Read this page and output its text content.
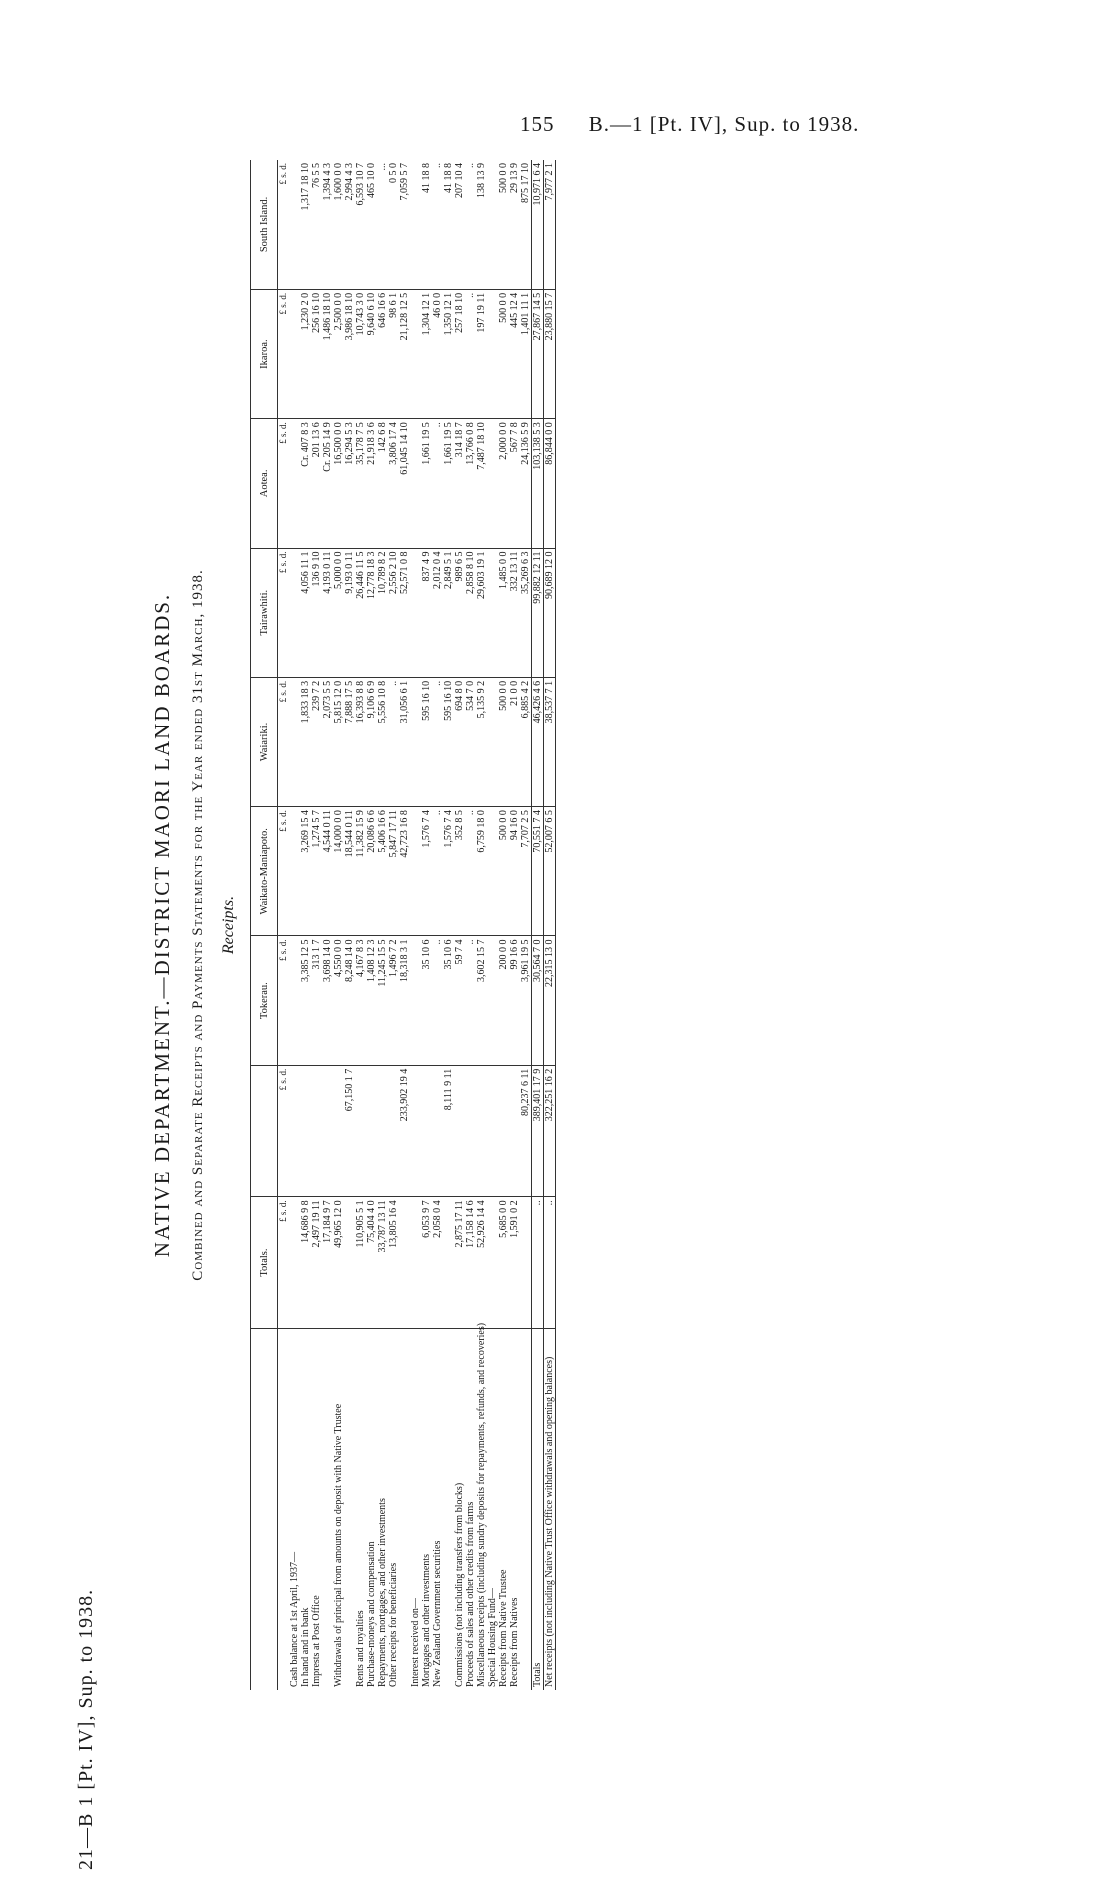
155 B.—1 [Pt. IV], Sup. to 1938.
21—B 1 [Pt. IV], Sup. to 1938.
NATIVE DEPARTMENT.—DISTRICT MAORI LAND BOARDS. Combined and Separate Receipts and Payments Statements for the Year ended 31st March, 1938. Receipts.
	Totals.		Tokerau.	Waikato-Maniapoto.	Waiariki.	Tairawhiti.	Aotea.	Ikaroa.	South Island.
	£ s. d.	£ s. d.	£ s. d.	£ s. d.	£ s. d.	£ s. d.	£ s. d.	£ s. d.	£ s. d.
Cash balance at 1st April, 1937—									
In hand and in bank	14,686 9 8		3,385 12 5	3,269 15 4	1,833 18 3	4,056 11 1	Cr. 407 8 3	1,230 2 0	1,317 18 10
Imprests at Post Office	2,497 19 11		313 1 7	1,274 5 7	239 7 2	136 9 10	201 13 6	256 16 10	76 5 5
	17,184 9 7		3,698 14 0	4,544 0 11	2,073 5 5	4,193 0 11	Cr. 205 14 9	1,486 18 10	1,394 4 3
Withdrawals of principal from amounts on deposit with Native Trustee	49,965 12 0		4,550 0 0	14,000 0 0	5,815 12 0	5,000 0 0	16,500 0 0	2,500 0 0	1,600 0 0
		67,150 1 7	8,248 14 0	18,544 0 11	7,888 17 5	9,193 0 11	16,294 5 3	3,986 18 10	2,994 4 3
Rents and royalties	110,905 5 1		4,167 8 3	11,382 15 9	16,393 8 8	26,446 11 5	35,178 7 5	10,743 3 0	6,593 10 7
Purchase-moneys and compensation	75,404 4 0		1,408 12 3	20,086 6 6	9,106 6 9	12,778 18 3	21,918 3 6	9,640 6 10	465 10 0
Repayments, mortgages, and other investments	33,787 13 11		11,245 15 5	5,406 16 6	5,556 10 8	10,789 8 2	142 6 8	646 16 6	...
Other receipts for beneficiaries	13,805 16 4		1,496 7 2	5,847 17 11	..	2,556 2 10	3,806 17 4	98 6 1	0 5 0
		233,902 19 4	18,318 3 1	42,723 16 8	31,056 6 1	52,571 0 8	61,045 14 10	21,128 12 5	7,059 5 7
Interest received on—									
Mortgages and other investments	6,053 9 7		35 10 6	1,576 7 4	595 16 10	837 4 9	1,661 19 5	1,304 12 1	41 18 8
New Zealand Government securities	2,058 0 4		..	..	..	2,012 0 4	..	46 0 0	..
		8,111 9 11	35 10 6	1,576 7 4	595 16 10	2,849 5 1	1,661 19 5	1,350 12 1	41 18 8
Commissions (not including transfers from blocks)	2,875 17 11		59 7 4	352 8 5	694 8 0	989 6 5	314 18 7	257 18 10	207 10 4
Proceeds of sales and other credits from farms	17,158 14 6		..	..	534 7 0	2,858 8 10	13,766 0 8	..	..
Miscellaneous receipts (including sundry deposits for repayments, refunds, and recoveries)	52,926 14 4		3,602 15 7	6,759 18 0	5,135 9 2	29,603 19 1	7,487 18 10	197 19 11	138 13 9
Special Housing Fund—									
Receipts from Native Trustee	5,685 0 0		200 0 0	500 0 0	500 0 0	1,485 0 0	2,000 0 0	500 0 0	500 0 0
Receipts from Natives	1,591 0 2		99 16 6	94 16 0	21 0 0	332 13 11	567 7 8	445 12 4	29 13 9
		80,237 6 11	3,961 19 5	7,707 2 5	6,885 4 2	35,269 6 3	24,136 5 9	1,401 11 1	875 17 10
Totals	..	389,401 17 9	30,564 7 0	70,551 7 4	46,426 4 6	99,882 12 11	103,138 5 3	27,867 14 5	10,971 6 4
Net receipts (not including Native Trust Office withdrawals and opening balances)	..	322,251 16 2	22,315 13 0	52,007 6 5	38,537 7 1	90,689 12 0	86,844 0 0	23,880 15 7	7,977 2 1
